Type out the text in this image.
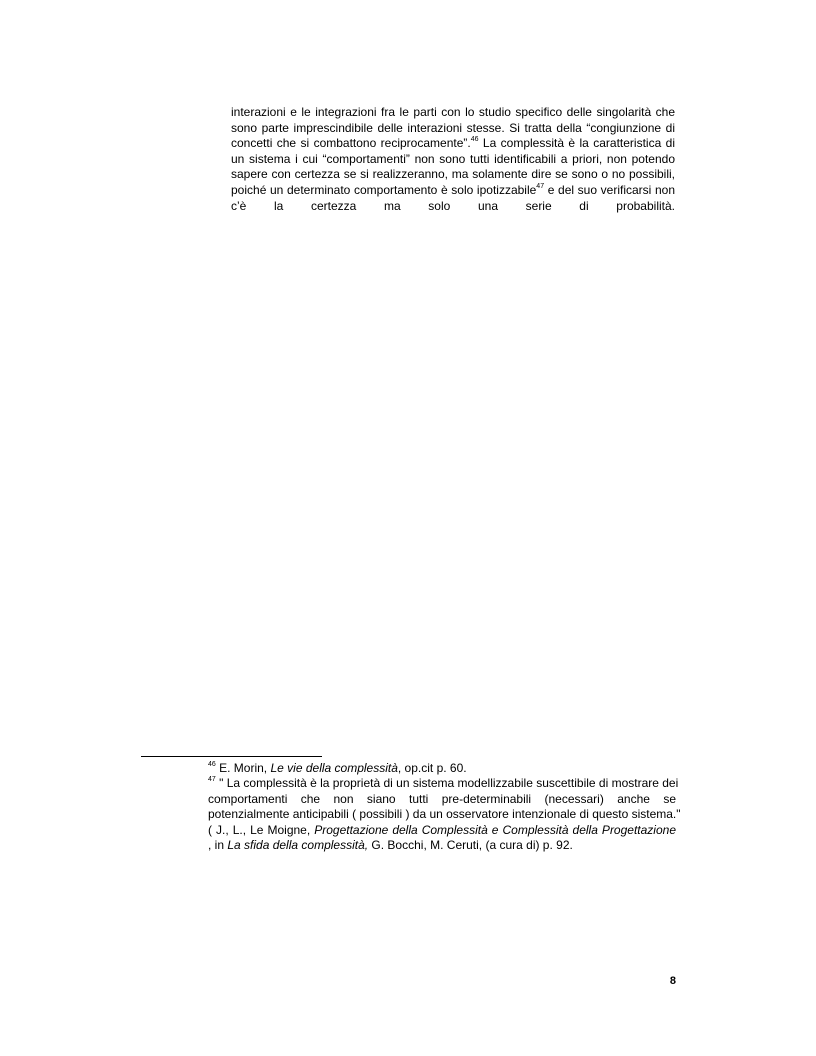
interazioni e le integrazioni fra le parti con lo studio specifico delle singolarità che
sono parte imprescindibile delle interazioni stesse. Si tratta della “congiunzione di
concetti che si combattono reciprocamente”.$^{46}$ La complessità è la caratteristica di
un sistema i cui “comportamenti” non sono tutti identificabili a priori, non potendo
sapere con certezza se si realizzeranno, ma solamente dire se sono o no possibili,
poiché un determinato comportamento è solo ipotizzabile$^{47}$ e del suo verificarsi non
c’è la certezza ma solo una serie di probabilità.
$^{46}$ E. Morin, Le vie della complessità, op.cit p. 60.
$^{47}$ " La complessità è la proprietà di un sistema modellizzabile suscettibile di mostrare dei
comportamenti che non siano tutti pre-determinabili (necessari) anche se
potenzialmente anticipabili ( possibili ) da un osservatore intenzionale di questo sistema."
( J., L., Le Moigne, Progettazione della Complessità e Complessità della Progettazione
, in La sfida della complessità, G. Bocchi, M. Ceruti, (a cura di) p. 92.
8
